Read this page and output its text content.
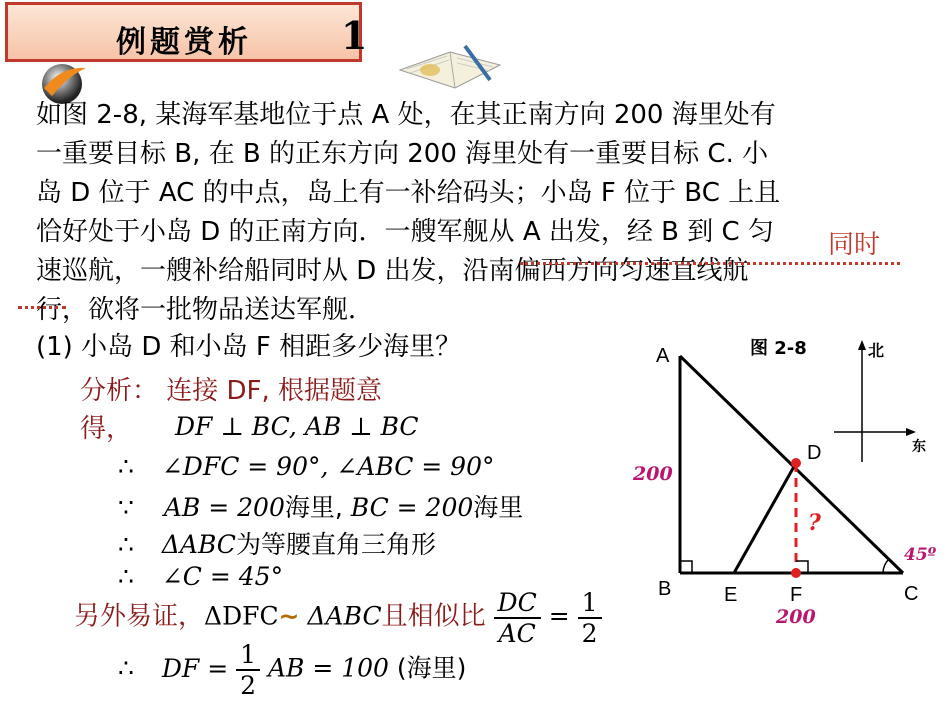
例题赏析 1
如图 2-8, 某海军基地位于点 A 处，在其正南方向 200 海里处有
一重要目标 B, 在 B 的正东方向 200 海里处有一重要目标 C. 小
岛 D 位于 AC 的中点，岛上有一补给码头；小岛 F 位于 BC 上且
恰好处于小岛 D 的正南方向．一艘军舰从 A 出发，经 B 到 C 匀
速巡航，一艘补给船同时从 D 出发，沿南偏西方向匀速直线航
行，欲将一批物品送达军舰．
同时
(1) 小岛 D 和小岛 F 相距多少海里？
分析： 连接 DF, 根据题意
得，	DF ⊥ BC, AB ⊥ BC
∴ ∠DFC = 90°, ∠ABC = 90°
∵ AB = 200海里, BC = 200海里
∴ ΔABC为等腰直角三角形
∴ ∠C = 45°
另外易证，ΔDFC∼ ΔABC且相似比 $\frac{DC}{AC} = \frac{1}{2}$
∴ DF = $\frac{1}{2}$ AB = 100 (海里)
图 2-8
A
B	C
D
E	F
200
200
?
45º
北
东
